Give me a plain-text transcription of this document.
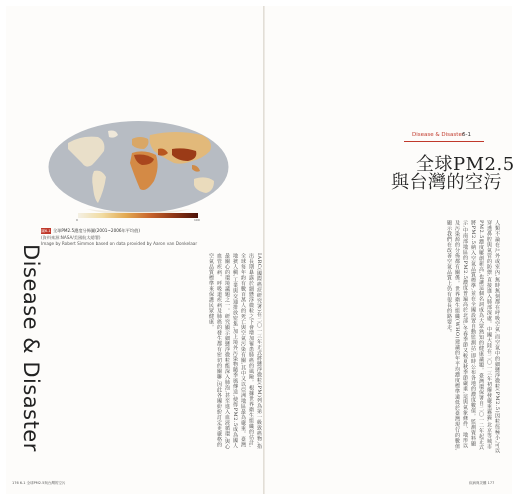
0	100
圖6-1 全球PM2.5濃度分佈圖(2001~2006年平均值)
(資料來源:NASA/美國航太總署)
Image by Robert Simmon based on data provided by Aaron van Donkelaar
Disease & Disaster	IARC(國際癌症研究署)在二〇一三年正式將懸浮微粒(PM)列為第一級致癌物,指出長期暴露於細懸浮微粒之下會增加罹患肺癌的風險。根據世界衛生組織的估計,全球每年約有數百萬人的死亡與空氣污染有關,其中又以亞洲地區最為嚴重。臺灣地狹人稠,工業與交通排放密集,加上境外污染物隨季風傳送,使得PM2.5成為國人最關心的環境議題之一。研究顯示細懸浮微粒能深入肺泡,甚至進入血液循環,與心血管疾病、呼吸道疾病及肺癌的發生都有密切的關聯,因此各國紛紛訂定更嚴格的空氣品質標準來保護民眾健康。
176 6-1 全球PM2.5與台灣的空污
Disease & Disaster
6-1
全球PM2.5
與台灣的空污
人類不論在戶外或室內,無時無刻都在呼吸空氣,而空氣中的細懸浮微粒(PM2.5)因粒徑極小,可以穿透鼻腔與氣管的防禦,直接進入肺部深處。中國大陸在二〇一三年初爆發嚴重霧霾,北京等城市PM2.5濃度屢創新高,也讓這個名詞成為大眾熟知的健康議題。臺灣環保署自二〇一二年起正式將PM2.5納入空氣品質標準,並在全國設置自動監測站,即時公布各地的濃度數值。監測資料顯示,中南部地區的PM2.5濃度普遍高於北部,冬春季節又較夏秋季節嚴重,這與氣象條件、地形以及污染源的分佈都有關係。世界衛生組織(WHO)建議的年平均濃度標準遠低於臺灣現行的數值,顯示我們在改善空氣品質上仍有很長的路要走。
疾病與災難 177
